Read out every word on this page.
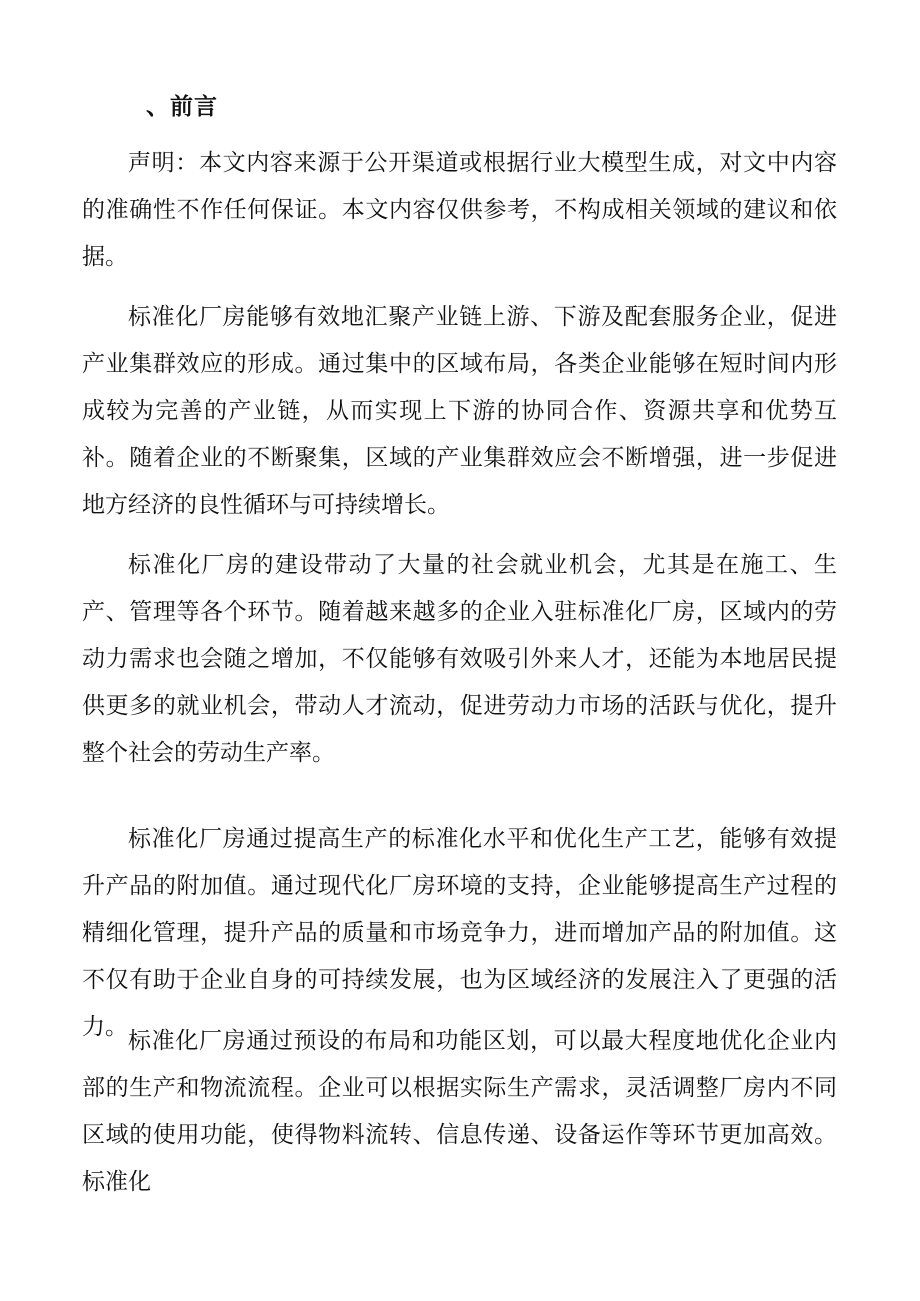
、前言

声明：本文内容来源于公开渠道或根据行业大模型生成，对文中内容的准确性不作任何保证。本文内容仅供参考，不构成相关领域的建议和依据。

标准化厂房能够有效地汇聚产业链上游、下游及配套服务企业，促进产业集群效应的形成。通过集中的区域布局，各类企业能够在短时间内形成较为完善的产业链，从而实现上下游的协同合作、资源共享和优势互补。随着企业的不断聚集，区域的产业集群效应会不断增强，进一步促进地方经济的良性循环与可持续增长。

标准化厂房的建设带动了大量的社会就业机会，尤其是在施工、生产、管理等各个环节。随着越来越多的企业入驻标准化厂房，区域内的劳动力需求也会随之增加，不仅能够有效吸引外来人才，还能为本地居民提供更多的就业机会，带动人才流动，促进劳动力市场的活跃与优化，提升整个社会的劳动生产率。

标准化厂房通过提高生产的标准化水平和优化生产工艺，能够有效提升产品的附加值。通过现代化厂房环境的支持，企业能够提高生产过程的精细化管理，提升产品的质量和市场竞争力，进而增加产品的附加值。这不仅有助于企业自身的可持续发展，也为区域经济的发展注入了更强的活力。

标准化厂房通过预设的布局和功能区划，可以最大程度地优化企业内部的生产和物流流程。企业可以根据实际生产需求，灵活调整厂房内不同区域的使用功能，使得物料流转、信息传递、设备运作等环节更加高效。标准化
